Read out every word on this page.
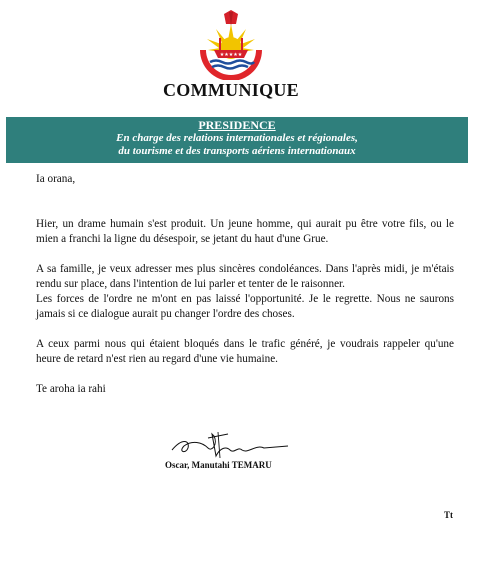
★★★★★
COMMUNIQUE
PRESIDENCE
En charge des relations internationales et régionales,
du tourisme et des transports aériens internationaux

Ia orana,

Hier, un drame humain s'est produit. Un jeune homme, qui aurait pu être votre fils, ou le mien a franchi la ligne du désespoir, se jetant du haut d'une Grue.

A sa famille, je veux adresser mes plus sincères condoléances. Dans l'après midi, je m'étais rendu sur place, dans l'intention de lui parler et tenter de le raisonner.

Les forces de l'ordre ne m'ont en pas laissé l'opportunité. Je le regrette. Nous ne saurons jamais si ce dialogue aurait pu changer l'ordre des choses.

A ceux parmi nous qui étaient bloqués dans le trafic généré, je voudrais rappeler qu'une heure de retard n'est rien au regard d'une vie humaine.

Te aroha ia rahi

Oscar, Manutahi TEMARU
Tt
